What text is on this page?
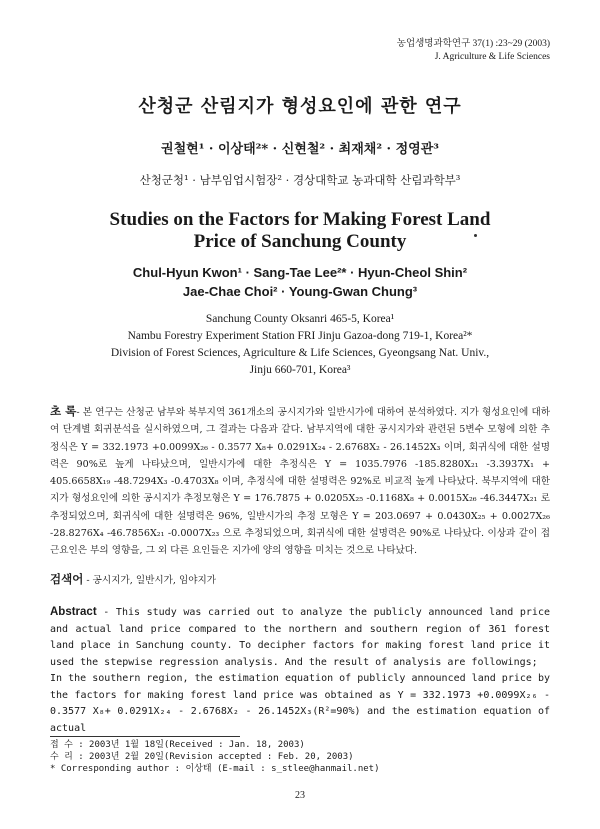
농업생명과학연구 37(1) :23~29 (2003)
J. Agriculture & Life Sciences
산청군 산림지가 형성요인에 관한 연구
권철현¹ · 이상태²* · 신현철² · 최재채² · 정영관³
산청군청¹ · 남부임업시험장² · 경상대학교 농과대학 산림과학부³
Studies on the Factors for Making Forest Land
Price of Sanchung County
Chul-Hyun Kwon¹ · Sang-Tae Lee²* · Hyun-Cheol Shin²
Jae-Chae Choi² · Young-Gwan Chung³
Sanchung County Oksanri 465-5, Korea¹
Nambu Forestry Experiment Station FRI Jinju Gazoa-dong 719-1, Korea²*
Division of Forest Sciences, Agriculture & Life Sciences, Gyeongsang Nat. Univ.,
Jinju 660-701, Korea³

초 록- 본 연구는 산청군 남부와 북부지역 361개소의 공시지가와 일반시가에 대하여 분석하였다. 지가 형성요인에 대하여 단계별 회귀분석을 실시하였으며, 그 결과는 다음과 같다. 남부지역에 대한 공시지가와 관련된 5변수 모형에 의한 추정식은 Y = 332.1973 +0.0099X₂₆ - 0.3577 X₈+ 0.0291X₂₄ - 2.6768X₂ - 26.1452X₃ 이며, 회귀식에 대한 설명력은 90%로 높게 나타났으며, 일반시가에 대한 추정식은 Y = 1035.7976 -185.8280X₂₁ -3.3937X₁ + 405.6658X₁₉ -48.7294X₃ -0.4703X₈ 이며, 추정식에 대한 설명력은 92%로 비교적 높게 나타났다. 북부지역에 대한 지가 형성요인에 의한 공시지가 추정모형은 Y = 176.7875 + 0.0205X₂₅ -0.1168X₈ + 0.0015X₂₆ -46.3447X₂₁ 로 추정되었으며, 회귀식에 대한 설명력은 96%, 일반시가의 추정 모형은 Y = 203.0697 + 0.0430X₂₅ + 0.0027X₂₆ -28.8276X₄ -46.7856X₂₁ -0.0007X₂₃ 으로 추정되었으며, 회귀식에 대한 설명력은 90%로 나타났다. 이상과 같이 접근요인은 부의 영향을, 그 외 다른 요인들은 지가에 양의 영향을 미치는 것으로 나타났다.

검색어 - 공시지가, 일반시가, 임야지가

Abstract - This study was carried out to analyze the publicly announced land price and actual land price compared to the northern and southern region of 361 forest land place in Sanchung county. To decipher factors for making forest land price it used the stepwise regression analysis. And the result of analysis are followings;

In the southern region, the estimation equation of publicly announced land price by the factors for making forest land price was obtained as Y = 332.1973 +0.0099X₂₆ - 0.3577 X₈+ 0.0291X₂₄ - 2.6768X₂ - 26.1452X₃(R²=90%) and the estimation equation of actual

접 수 : 2003년 1월 18일(Received : Jan. 18, 2003)
수 리 : 2003년 2월 20일(Revision accepted : Feb. 20, 2003)
* Corresponding author : 이상태 (E-mail : s_stlee@hanmail.net)
23
